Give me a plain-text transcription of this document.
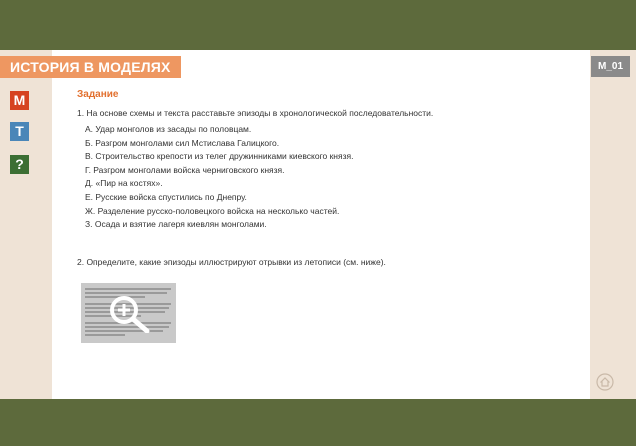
ИСТОРИЯ В МОДЕЛЯХ	M_01
М
Т
?
Задание
1. На основе схемы и текста расставьте эпизоды в хронологической последовательности.
А. Удар монголов из засады по половцам.
Б. Разгром монголами сил Мстислава Галицкого.
В. Строительство крепости из телег дружинниками киевского князя.
Г. Разгром монголами войска черниговского князя.
Д. «Пир на костях».
Е. Русские войска спустились по Днепру.
Ж. Разделение русско-половецкого войска на несколько частей.
З. Осада и взятие лагеря киевлян монголами.
2. Определите, какие эпизоды иллюстрируют отрывки из летописи (см. ниже).
